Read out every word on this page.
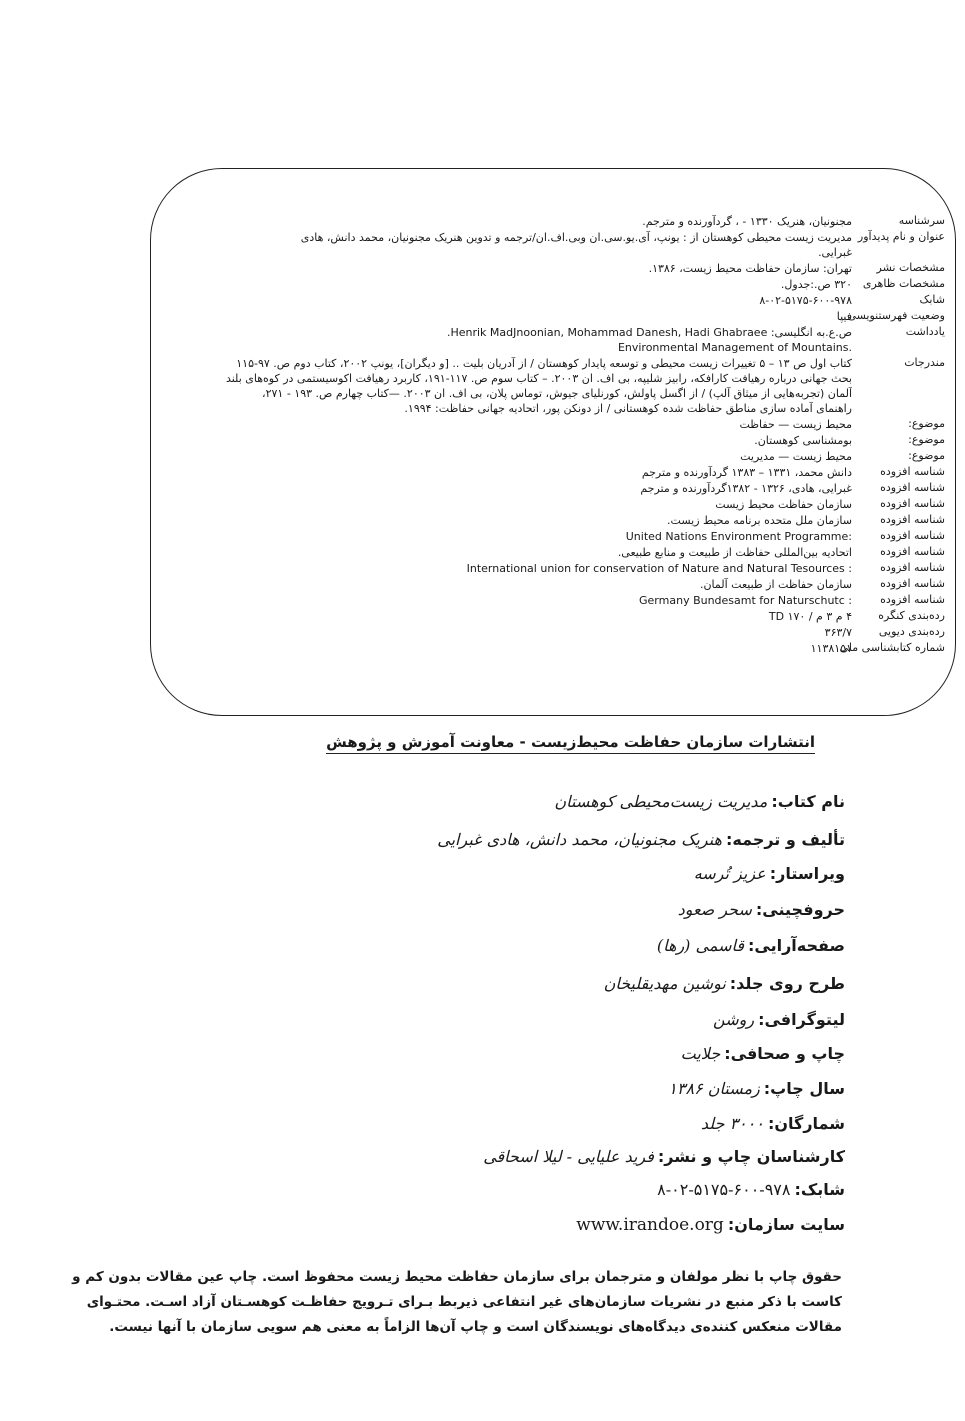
سرشناسه
مجنونیان، هنریک ۱۳۳۰ - ، گردآورنده و مترجم.
عنوان و نام پدیدآور
مدیریت زیست محیطی کوهستان از : یونپ، آی.یو.سی.ان وبی.اف.ان/ترجمه و تدوین هنریک مجنونیان، محمد دانش، هادی
غبرایی.
مشخصات نشر
تهران: سازمان حفاظت محیط زیست، ۱۳۸۶.
مشخصات ظاهری
۳۲۰ ص.:جدول.
شابک
۸-۰۲-۵۱۷۵-۶۰۰-۹۷۸
وضعیت فهرستنویسی
فیپا
یادداشت
ص.ع.به انگلیسی: Henrik MadJnoonian, Mohammad Danesh, Hadi Ghabraee.
Environmental Management of Mountains.
مندرجات
کتاب اول ص ۱۳ – ۵ تغییرات زیست محیطی و توسعه پایدار کوهستان / از آدریان بلیت .. [و دیگران]، یونپ ۲۰۰۲، کتاب دوم ص. ۹۷-۱۱۵
بحث جهانی درباره رهیافت کارافکه، رابیز شلیپه، بی اف. ان ۲۰۰۳. – کتاب سوم ص. ۱۱۷-۱۹۱، کاربرد رهیافت اکوسیستمی در کوه‌های بلند
آلمان (تجربه‌هایی از میثاق آلپ) / از اگسل پاولش، کورنلیای جیوش، توماس پلان، بی اف. ان ۲۰۰۳. —کتاب چهارم ص. ۱۹۳ - ۲۷۱،
راهنمای آماده سازی مناطق حفاظت شده کوهستانی / از دونکن پور، اتحادیه جهانی حفاظت: ۱۹۹۴.
موضوع:
محیط زیست — حفاظت
موضوع:
بومشناسی کوهستان.
موضوع:
محیط زیست — مدیریت
شناسه افزوده
دانش محمد، ۱۳۳۱ – ۱۳۸۳ گردآورنده و مترجم
شناسه افزوده
غبرایی، هادی، ۱۳۲۶ - ۱۳۸۲گردآورنده و مترجم
شناسه افزوده
سازمان حفاظت محیط زیست
شناسه افزوده
سازمان ملل متحده برنامه محیط زیست.
شناسه افزوده
United Nations Environment Programme:
شناسه افزوده
اتحادیه بین‌المللی حفاظت از طبیعت و منابع طبیعی.
شناسه افزوده
International union for conservation of Nature and Natural Tesources :
شناسه افزوده
سازمان حفاظت از طبیعت آلمان.
شناسه افزوده
Germany Bundesamt for Naturschutc :
رده‌بندی کنگره
۴ م ۳ م / ۱۷۰ TD
رده‌بندی دیویی
۳۶۳/۷
شماره کتابشناسی ملی
۱۱۳۸۱۵۱
انتشارات سازمان حفاظت محیط‌زیست - معاونت آموزش و پژوهش
نام کتاب:مدیریت زیست‌محیطی کوهستان
تألیف و ترجمه:هنریک مجنونیان، محمد دانش، هادی غبرایی
ویراستار:عزیز تُرسه
حروفچینی:سحر صعود
صفحه‌آرایی:قاسمی (رها)
طرح روی جلد:نوشین مهدیقلیخان
لیتوگرافی:روشن
چاپ و صحافی:جلایت
سال چاپ:زمستان ۱۳۸۶
شمارگان:۳۰۰۰ جلد
کارشناسان چاپ و نشر:فرید علیایی - لیلا اسحاقی
شابک:۹۷۸-۶۰۰-۵۱۷۵-۰۲-۸
سایت سازمان:www.irandoe.org
حقوق چاپ با نظر مولفان و مترجمان برای سازمان حفاظت محیط زیست محفوظ است. چاپ عین مقالات بدون کم و
کاست با ذکر منبع در نشریات سازمان‌های غیر انتفاعی ذیربط بـرای تـرویج حفاظـت کوهسـتان آزاد اسـت. محتـوای
مقالات منعکس کننده‌ی دیدگاه‌های نویسندگان است و چاپ آن‌ها الزاماً به معنی هم سویی سازمان با آنها نیست.
